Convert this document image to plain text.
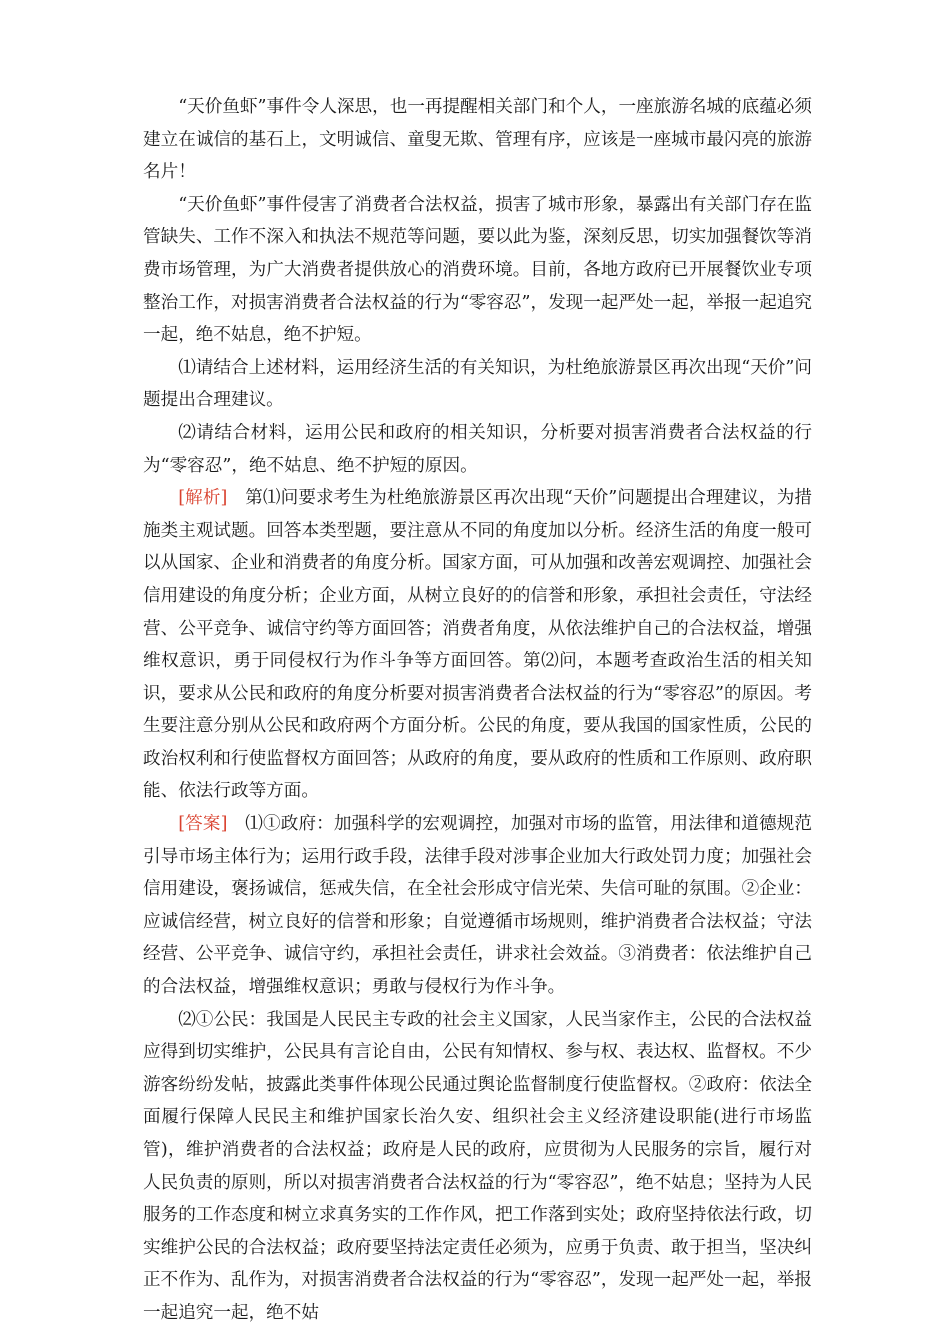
“天价鱼虾”事件令人深思，也一再提醒相关部门和个人，一座旅游名城的底蕴必须建立在诚信的基石上，文明诚信、童叟无欺、管理有序，应该是一座城市最闪亮的旅游名片！

“天价鱼虾”事件侵害了消费者合法权益，损害了城市形象，暴露出有关部门存在监管缺失、工作不深入和执法不规范等问题，要以此为鉴，深刻反思，切实加强餐饮等消费市场管理，为广大消费者提供放心的消费环境。目前，各地方政府已开展餐饮业专项整治工作，对损害消费者合法权益的行为“零容忍”，发现一起严处一起，举报一起追究一起，绝不姑息，绝不护短。

⑴请结合上述材料，运用经济生活的有关知识，为杜绝旅游景区再次出现“天价”问题提出合理建议。

⑵请结合材料，运用公民和政府的相关知识，分析要对损害消费者合法权益的行为“零容忍”，绝不姑息、绝不护短的原因。

[解析]　第⑴问要求考生为杜绝旅游景区再次出现“天价”问题提出合理建议，为措施类主观试题。回答本类型题，要注意从不同的角度加以分析。经济生活的角度一般可以从国家、企业和消费者的角度分析。国家方面，可从加强和改善宏观调控、加强社会信用建设的角度分析；企业方面，从树立良好的的信誉和形象，承担社会责任，守法经营、公平竞争、诚信守约等方面回答；消费者角度，从依法维护自己的合法权益，增强维权意识，勇于同侵权行为作斗争等方面回答。第⑵问，本题考查政治生活的相关知识，要求从公民和政府的角度分析要对损害消费者合法权益的行为“零容忍”的原因。考生要注意分别从公民和政府两个方面分析。公民的角度，要从我国的国家性质，公民的政治权利和行使监督权方面回答；从政府的角度，要从政府的性质和工作原则、政府职能、依法行政等方面。

[答案]　⑴①政府：加强科学的宏观调控，加强对市场的监管，用法律和道德规范引导市场主体行为；运用行政手段，法律手段对涉事企业加大行政处罚力度；加强社会信用建设，褒扬诚信，惩戒失信，在全社会形成守信光荣、失信可耻的氛围。②企业：应诚信经营，树立良好的信誉和形象；自觉遵循市场规则，维护消费者合法权益；守法经营、公平竞争、诚信守约，承担社会责任，讲求社会效益。③消费者：依法维护自己的合法权益，增强维权意识；勇敢与侵权行为作斗争。

⑵①公民：我国是人民民主专政的社会主义国家，人民当家作主，公民的合法权益应得到切实维护，公民具有言论自由，公民有知情权、参与权、表达权、监督权。不少游客纷纷发帖，披露此类事件体现公民通过舆论监督制度行使监督权。②政府：依法全面履行保障人民民主和维护国家长治久安、组织社会主义经济建设职能(进行市场监管)，维护消费者的合法权益；政府是人民的政府，应贯彻为人民服务的宗旨，履行对人民负责的原则，所以对损害消费者合法权益的行为“零容忍”，绝不姑息；坚持为人民服务的工作态度和树立求真务实的工作作风，把工作落到实处；政府坚持依法行政，切实维护公民的合法权益；政府要坚持法定责任必须为，应勇于负责、敢于担当，坚决纠正不作为、乱作为，对损害消费者合法权益的行为“零容忍”，发现一起严处一起，举报一起追究一起，绝不姑
